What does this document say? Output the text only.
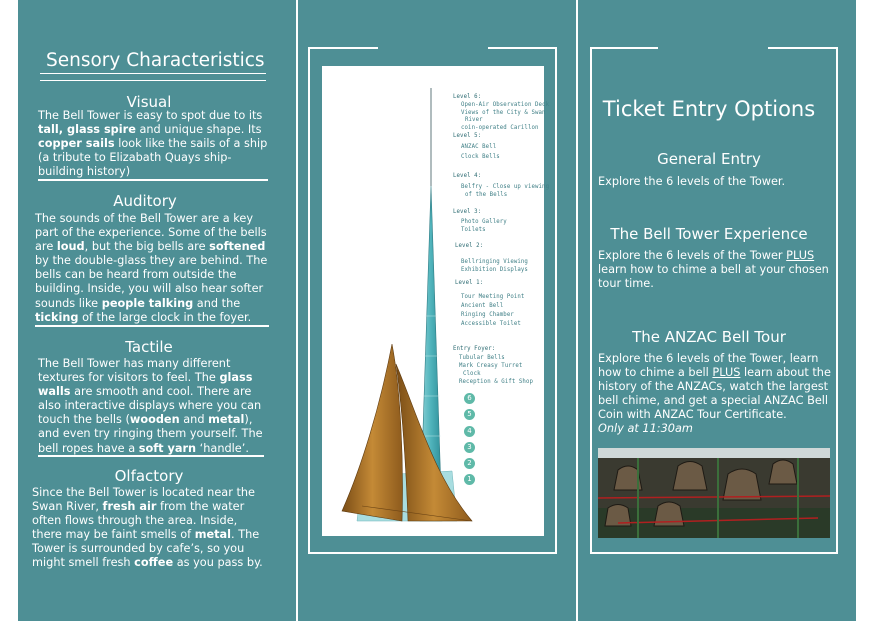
Sensory Characteristics
Visual
The Bell Tower is easy to spot due to its tall, glass spire and unique shape. Its copper sails look like the sails of a ship (a tribute to Elizabath Quays ship-building history)
Auditory
The sounds of the Bell Tower are a key part of the experience. Some of the bells are loud, but the big bells are softened by the double-glass they are behind. The bells can be heard from outside the building. Inside, you will also hear softer sounds like people talking and the ticking of the large clock in the foyer.
Tactile
The Bell Tower has many different textures for visitors to feel. The glass walls are smooth and cool. There are also interactive displays where you can touch the bells (wooden and metal), and even try ringing them yourself. The bell ropes have a soft yarn ‘handle’.
Olfactory
Since the Bell Tower is located near the Swan River, fresh air from the water often flows through the area. Inside, there may be faint smells of metal. The Tower is surrounded by cafe’s, so you might smell fresh coffee as you pass by.
Level 6:
Open-Air Observation Deck
Views of the City & Swan
River
coin-operated Carillon
Level 5:
ANZAC Bell
Clock Bells
Level 4:
Belfry - Close up viewing
of the Bells
Level 3:
Photo Gallery
Toilets
Level 2:
Bellringing Viewing
Exhibition Displays
Level 1:
Tour Meeting Point
Ancient Bell
Ringing Chamber
Accessible Toilet
Entry Foyer:
Tubular Bells
Mark Creasy Turret
Clock
Reception & Gift Shop
6
5
4
3
2
1
Ticket Entry Options
General Entry
Explore the 6 levels of the Tower.
The Bell Tower Experience
Explore the 6 levels of the Tower PLUS learn how to chime a bell at your chosen tour time.
The ANZAC Bell Tour
Explore the 6 levels of the Tower, learn how to chime a bell PLUS learn about the history of the ANZACs, watch the largest bell chime, and get a special ANZAC Bell Coin with ANZAC Tour Certificate.
Only at 11:30am
